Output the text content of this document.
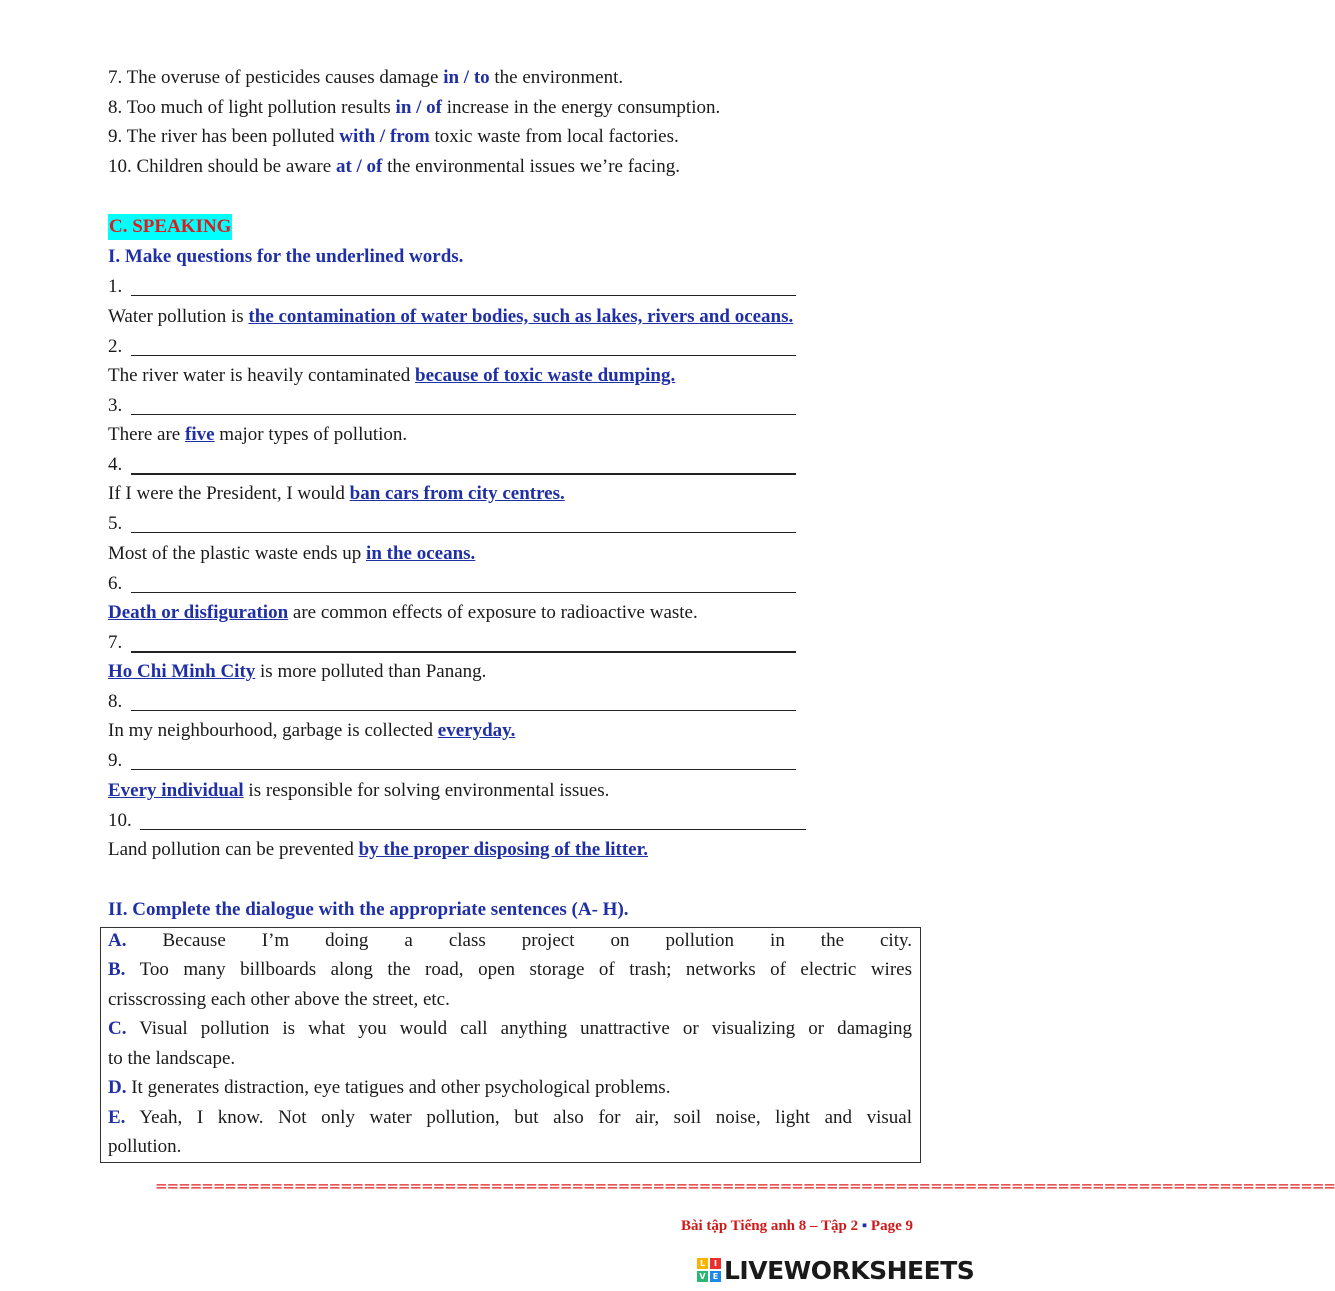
7. The overuse of pesticides causes damage in / to the environment.
8. Too much of light pollution results in / of increase in the energy consumption.
9. The river has been polluted with / from toxic waste from local factories.
10. Children should be aware at / of the environmental issues we’re facing.
C. SPEAKING
I. Make questions for the underlined words.
1.
Water pollution is the contamination of water bodies, such as lakes, rivers and oceans.
2.
The river water is heavily contaminated because of toxic waste dumping.
3.
There are five major types of pollution.
4.
If I were the President, I would ban cars from city centres.
5.
Most of the plastic waste ends up in the oceans.
6.
Death or disfiguration are common effects of exposure to radioactive waste.
7.
Ho Chi Minh City is more polluted than Panang.
8.
In my neighbourhood, garbage is collected everyday.
9.
Every individual is responsible for solving environmental issues.
10.
Land pollution can be prevented by the proper disposing of the litter.
II. Complete the dialogue with the appropriate sentences (A- H).
A. Because I’m doing a class project on pollution in the city.
B. Too many billboards along the road, open storage of trash; networks of electric wires
crisscrossing each other above the street, etc.
C. Visual pollution is what you would call anything unattractive or visualizing or damaging
to the landscape.
D. It generates distraction, eye tatigues and other psychological problems.
E. Yeah, I know. Not only water pollution, but also for air, soil noise, light and visual
pollution.
======================================================================================================
Bài tập Tiếng anh 8 – Tập 2 ▪ Page 9
L	I
V E LIVEWORKSHEETS
